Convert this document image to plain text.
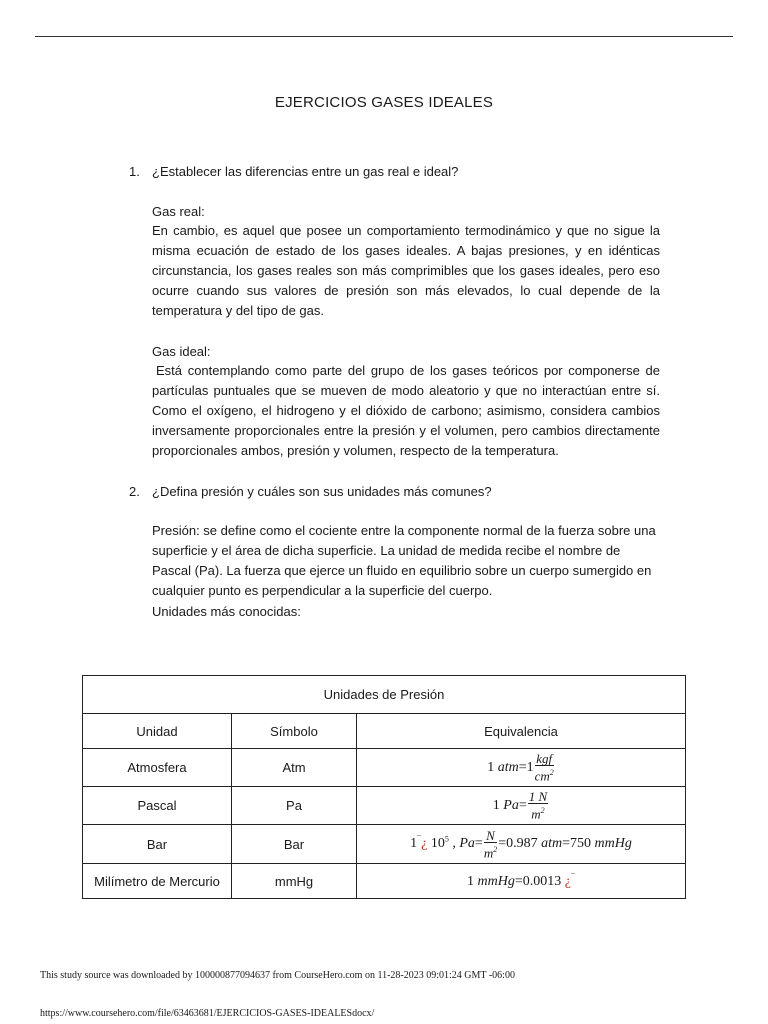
EJERCICIOS GASES IDEALES
1. ¿Establecer las diferencias entre un gas real e ideal?
Gas real:
En cambio, es aquel que posee un comportamiento termodinámico y que no sigue la misma ecuación de estado de los gases ideales. A bajas presiones, y en idénticas circunstancia, los gases reales son más comprimibles que los gases ideales, pero eso ocurre cuando sus valores de presión son más elevados, lo cual depende de la temperatura y del tipo de gas.
Gas ideal:
Está contemplando como parte del grupo de los gases teóricos por componerse de partículas puntuales que se mueven de modo aleatorio y que no interactúan entre sí. Como el oxígeno, el hidrogeno y el dióxido de carbono; asimismo, considera cambios inversamente proporcionales entre la presión y el volumen, pero cambios directamente proporcionales ambos, presión y volumen, respecto de la temperatura.
2. ¿Defina presión y cuáles son sus unidades más comunes?
Presión: se define como el cociente entre la componente normal de la fuerza sobre una superficie y el área de dicha superficie. La unidad de medida recibe el nombre de Pascal (Pa). La fuerza que ejerce un fluido en equilibrio sobre un cuerpo sumergido en cualquier punto es perpendicular a la superficie del cuerpo.
Unidades más conocidas:
Unidades de Presión		
Unidad	Símbolo	Equivalencia
Atmosfera	Atm	1 $atm=1 \frac{\text{kgf}}{cm^2}$

Pascal	Pa	1 $Pa= \frac{1 N}{m^2}$

Bar	Bar	1¯¿ $10^5$ , $Pa= \frac{N}{m^2} =0.987$ atm=750 mmHg
Milímetro de Mercurio	mmHg	1 mmHg=0.0013 ¿¯
This study source was downloaded by 100000877094637 from CourseHero.com on 11-28-2023 09:01:24 GMT -06:00
https://www.coursehero.com/file/63463681/EJERCICIOS-GASES-IDEALESdocx/
